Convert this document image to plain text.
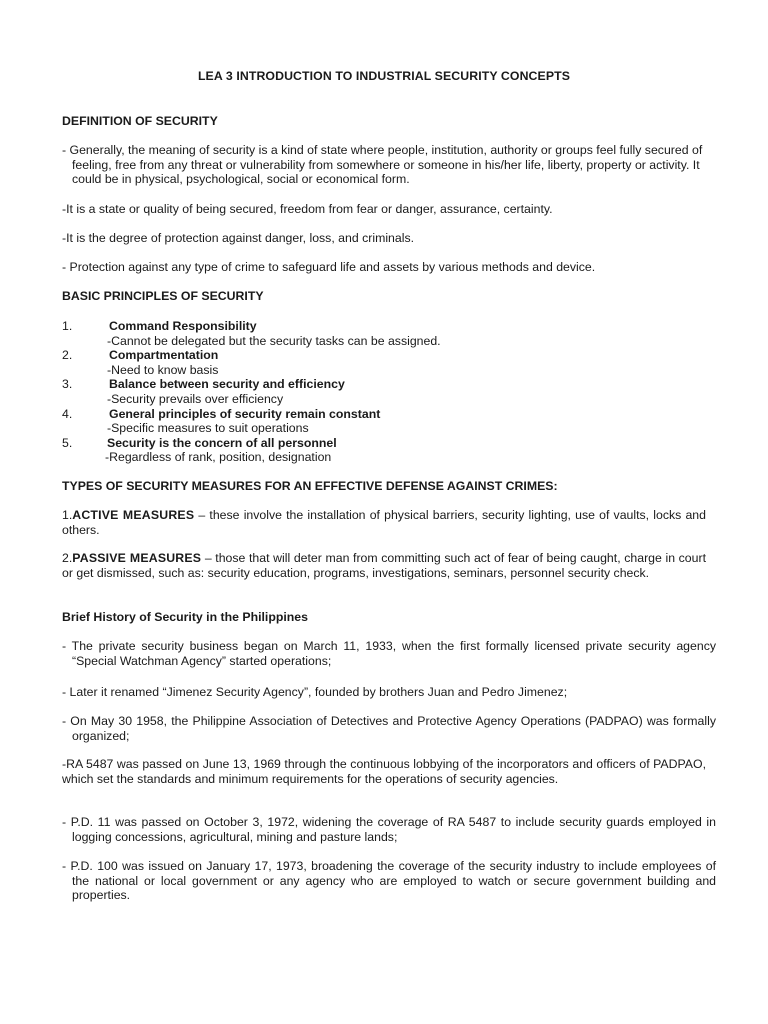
LEA 3 INTRODUCTION TO INDUSTRIAL SECURITY CONCEPTS
DEFINITION OF SECURITY
- Generally, the meaning of security is a kind of state where people, institution, authority or groups feel fully secured of feeling, free from any threat or vulnerability from somewhere or someone in his/her life, liberty, property or activity. It could be in physical, psychological, social or economical form.
-It is a state or quality of being secured, freedom from fear or danger, assurance, certainty.
-It is the degree of protection against danger, loss, and criminals.
- Protection against any type of crime to safeguard life and assets by various methods and device.
BASIC PRINCIPLES OF SECURITY
1.	Command Responsibility
-Cannot be delegated but the security tasks can be assigned.
2.	Compartmentation
-Need to know basis
3.	Balance between security and efficiency
-Security prevails over efficiency
4.	General principles of security remain constant
-Specific measures to suit operations
5.	Security is the concern of all personnel
-Regardless of rank, position, designation
TYPES OF SECURITY MEASURES FOR AN EFFECTIVE DEFENSE AGAINST CRIMES:
1.ACTIVE MEASURES – these involve the installation of physical barriers, security lighting, use of vaults, locks and others.
2.PASSIVE MEASURES – those that will deter man from committing such act of fear of being caught, charge in court or get dismissed, such as: security education, programs, investigations, seminars, personnel security check.
Brief History of Security in the Philippines
- The private security business began on March 11, 1933, when the first formally licensed private security agency “Special Watchman Agency” started operations;
- Later it renamed “Jimenez Security Agency”, founded by brothers Juan and Pedro Jimenez;
- On May 30 1958, the Philippine Association of Detectives and Protective Agency Operations (PADPAO) was formally organized;
-RA 5487 was passed on June 13, 1969 through the continuous lobbying of the incorporators and officers of PADPAO, which set the standards and minimum requirements for the operations of security agencies.
- P.D. 11 was passed on October 3, 1972, widening the coverage of RA 5487 to include security guards employed in logging concessions, agricultural, mining and pasture lands;
- P.D. 100 was issued on January 17, 1973, broadening the coverage of the security industry to include employees of the national or local government or any agency who are employed to watch or secure government building and properties.
